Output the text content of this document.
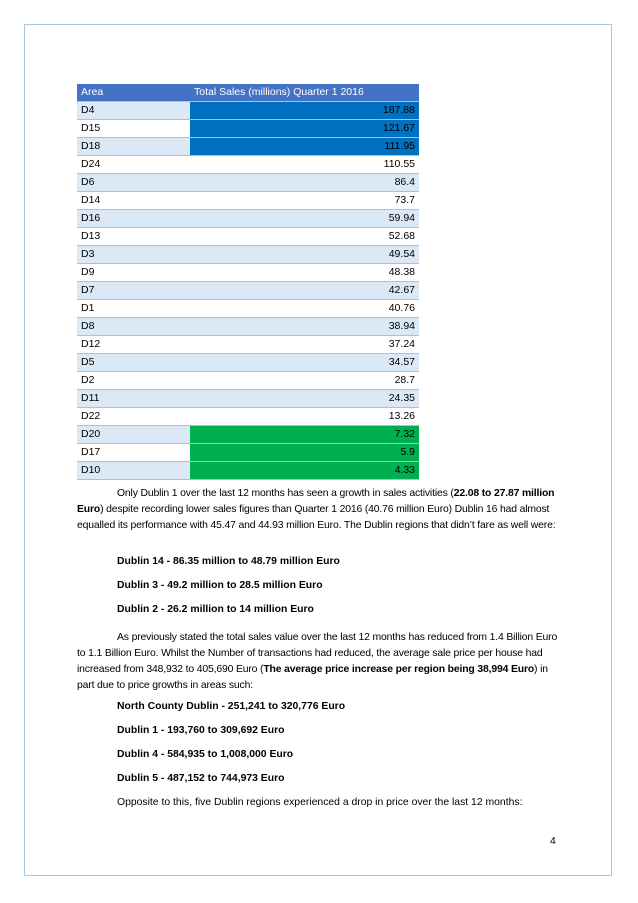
Area	Total Sales (millions) Quarter 1 2016
D4	187.88
D15	121.67
D18	111.95
D24	110.55
D6	86.4
D14	73.7
D16	59.94
D13	52.68
D3	49.54
D9	48.38
D7	42.67
D1	40.76
D8	38.94
D12	37.24
D5	34.57
D2	28.7
D11	24.35
D22	13.26
D20	7.32
D17	5.9
D10	4.33

Only Dublin 1 over the last 12 months has seen a growth in sales activities (22.08 to 27.87 million Euro) despite recording lower sales figures than Quarter 1 2016 (40.76 million Euro) Dublin 16 had almost equalled its performance with 45.47 and 44.93 million Euro. The Dublin regions that didn’t fare as well were:

Dublin 14 - 86.35 million to 48.79 million Euro
Dublin 3 - 49.2 million to 28.5 million Euro
Dublin 2 - 26.2 million to 14 million Euro

As previously stated the total sales value over the last 12 months has reduced from 1.4 Billion Euro to 1.1 Billion Euro. Whilst the Number of transactions had reduced, the average sale price per house had increased from 348,932 to 405,690 Euro (The average price increase per region being 38,994 Euro) in part due to price growths in areas such:

North County Dublin - 251,241 to 320,776 Euro
Dublin 1 - 193,760 to 309,692 Euro
Dublin 4 - 584,935 to 1,008,000 Euro
Dublin 5 - 487,152 to 744,973 Euro
Opposite to this, five Dublin regions experienced a drop in price over the last 12 months:
4
